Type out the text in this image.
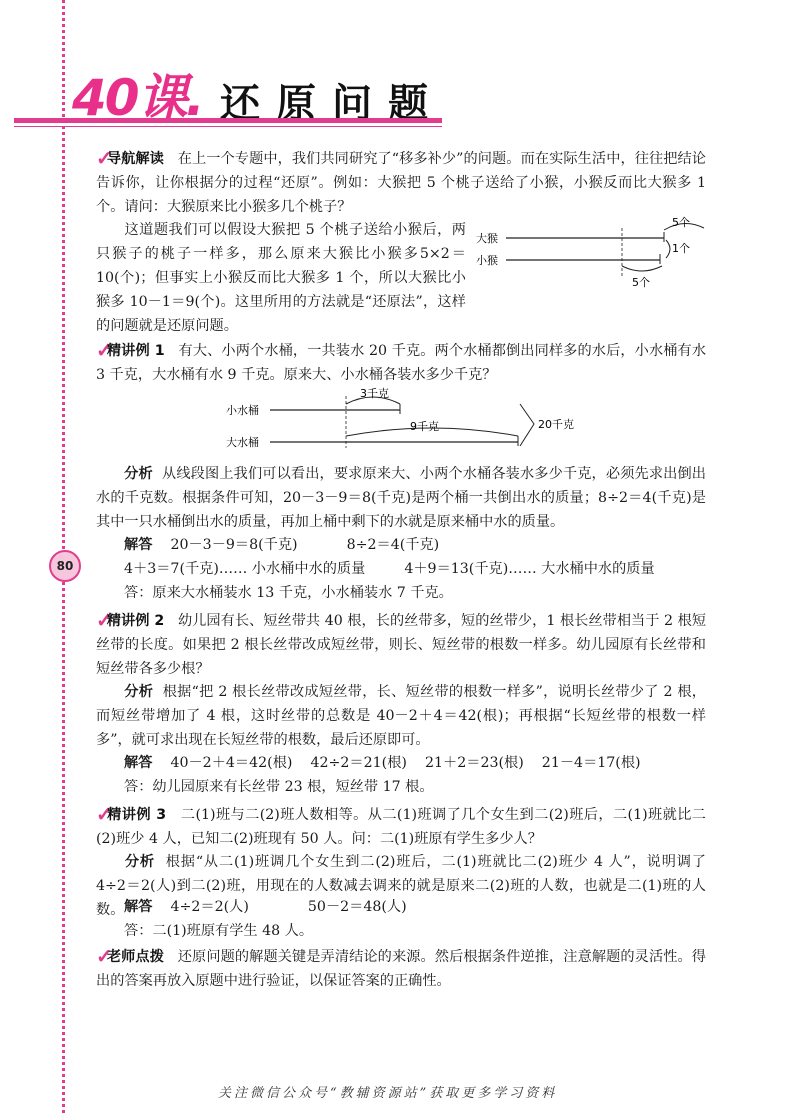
40课. 还原问题
80
✓导航解读 在上一个专题中，我们共同研究了“移多补少”的问题。而在实际生活中，往往把结论告诉你，让你根据分的过程“还原”。例如：大猴把 5 个桃子送给了小猴，小猴反而比大猴多 1 个。请问：大猴原来比小猴多几个桃子？
这道题我们可以假设大猴把 5 个桃子送给小猴后，两只猴子的桃子一样多，那么原来大猴比小猴多5×2＝10(个)；但事实上小猴反而比大猴多 1 个，所以大猴比小猴多 10－1＝9(个)。这里所用的方法就是“还原法”，这样的问题就是还原问题。
大猴
小猴
5个
1个
5个
✓精讲例 1 有大、小两个水桶，一共装水 20 千克。两个水桶都倒出同样多的水后，小水桶有水 3 千克，大水桶有水 9 千克。原来大、小水桶各装水多少千克？
小水桶
大水桶
3千克
9千克	20千克
分析 从线段图上我们可以看出，要求原来大、小两个水桶各装水多少千克，必须先求出倒出水的千克数。根据条件可知，20－3－9＝8(千克)是两个桶一共倒出水的质量；8÷2＝4(千克)是其中一只水桶倒出水的质量，再加上桶中剩下的水就是原来桶中水的质量。
解答 20－3－9＝8(千克)	8÷2＝4(千克)
4＋3＝7(千克)…… 小水桶中水的质量	4＋9＝13(千克)…… 大水桶中水的质量
答：原来大水桶装水 13 千克，小水桶装水 7 千克。
✓精讲例 2 幼儿园有长、短丝带共 40 根，长的丝带多，短的丝带少，1 根长丝带相当于 2 根短丝带的长度。如果把 2 根长丝带改成短丝带，则长、短丝带的根数一样多。幼儿园原有长丝带和短丝带各多少根？
分析 根据“把 2 根长丝带改成短丝带，长、短丝带的根数一样多”，说明长丝带少了 2 根，而短丝带增加了 4 根，这时丝带的总数是 40－2＋4＝42(根)；再根据“长短丝带的根数一样多”，就可求出现在长短丝带的根数，最后还原即可。
解答 40－2＋4＝42(根) 42÷2＝21(根) 21＋2＝23(根) 21－4＝17(根)
答：幼儿园原来有长丝带 23 根，短丝带 17 根。
✓精讲例 3 二(1)班与二(2)班人数相等。从二(1)班调了几个女生到二(2)班后，二(1)班就比二(2)班少 4 人，已知二(2)班现有 50 人。问：二(1)班原有学生多少人？
分析 根据“从二(1)班调几个女生到二(2)班后，二(1)班就比二(2)班少 4 人”，说明调了 4÷2＝2(人)到二(2)班，用现在的人数减去调来的就是原来二(2)班的人数，也就是二(1)班的人数。 解答 4÷2＝2(人)	50－2＝48(人)
答：二(1)班原有学生 48 人。
✓老师点拨 还原问题的解题关键是弄清结论的来源。然后根据条件逆推，注意解题的灵活性。得出的答案再放入原题中进行验证，以保证答案的正确性。
关注微信公众号“教辅资源站”获取更多学习资料
